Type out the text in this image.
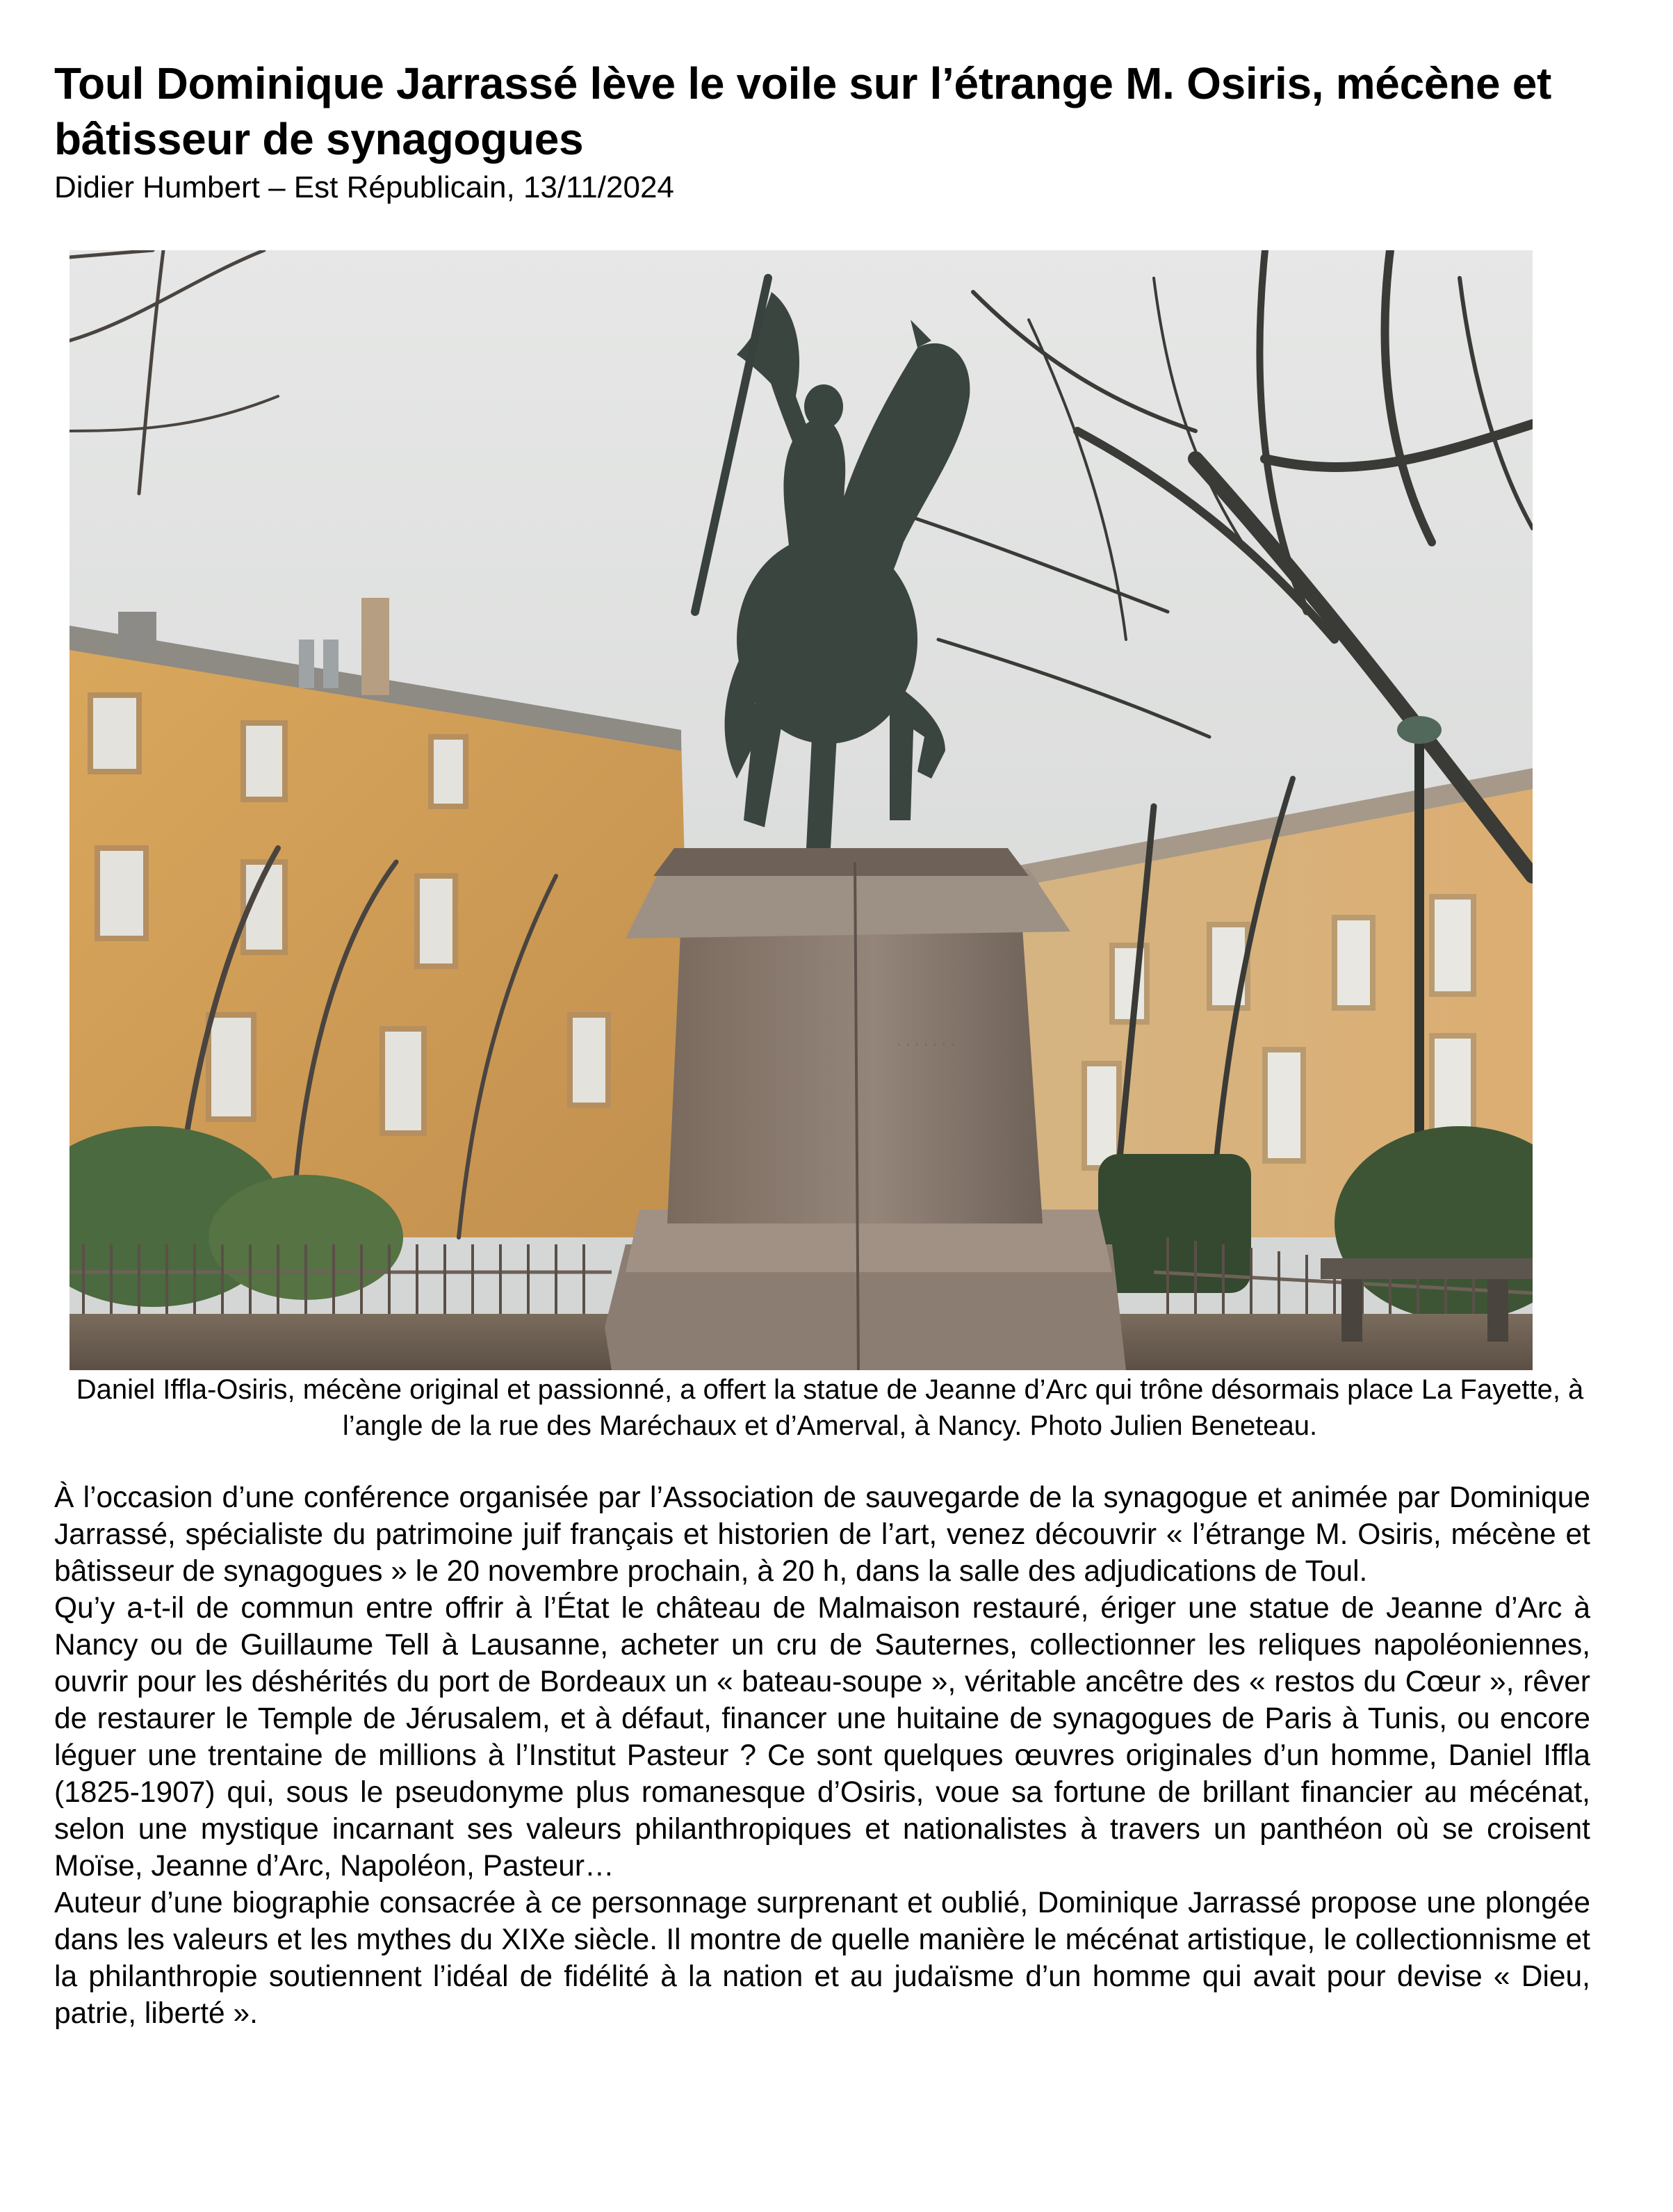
Toul Dominique Jarrassé lève le voile sur l’étrange M. Osiris, mécène et bâtisseur de synagogues

Didier Humbert – Est Républicain, 13/11/2024

· · · · · · ·

Daniel Iffla-Osiris, mécène original et passionné, a offert la statue de Jeanne d’Arc qui trône désormais place La Fayette, à l’angle de la rue des Maréchaux et d’Amerval, à Nancy. Photo Julien Beneteau.

À l’occasion d’une conférence organisée par l’Association de sauvegarde de la synagogue et animée par Dominique Jarrassé, spécialiste du patrimoine juif français et historien de l’art, venez découvrir « l’étrange M. Osiris, mécène et bâtisseur de synagogues » le 20 novembre prochain, à 20 h, dans la salle des adjudications de Toul.

Qu’y a-t-il de commun entre offrir à l’État le château de Malmaison restauré, ériger une statue de Jeanne d’Arc à Nancy ou de Guillaume Tell à Lausanne, acheter un cru de Sauternes, collectionner les reliques napoléoniennes, ouvrir pour les déshérités du port de Bordeaux un « bateau-soupe », véritable ancêtre des « restos du Cœur », rêver de restaurer le Temple de Jérusalem, et à défaut, financer une huitaine de synagogues de Paris à Tunis, ou encore léguer une trentaine de millions à l’Institut Pasteur ? Ce sont quelques œuvres originales d’un homme, Daniel Iffla (1825-1907) qui, sous le pseudonyme plus romanesque d’Osiris, voue sa fortune de brillant financier au mécénat, selon une mystique incarnant ses valeurs philanthropiques et nationalistes à travers un panthéon où se croisent Moïse, Jeanne d’Arc, Napoléon, Pasteur…

Auteur d’une biographie consacrée à ce personnage surprenant et oublié, Dominique Jarrassé propose une plongée dans les valeurs et les mythes du XIXe siècle. Il montre de quelle manière le mécénat artistique, le collectionnisme et la philanthropie soutiennent l’idéal de fidélité à la nation et au judaïsme d’un homme qui avait pour devise « Dieu, patrie, liberté ».
